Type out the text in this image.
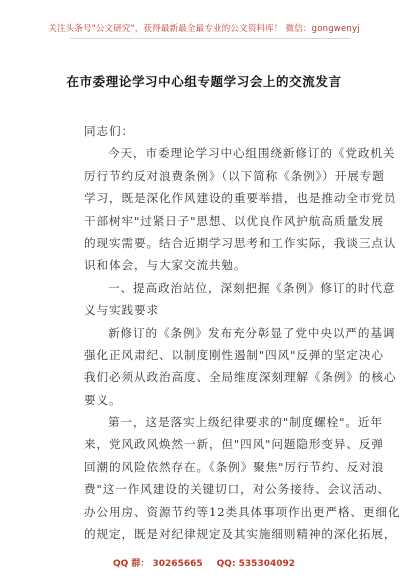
关注头条号"公文研究"，获得最新最全最专业的公文资料库！ 微信：gongwenyj
在市委理论学习中心组专题学习会上的交流发言
同志们：
今天，市委理论学习中心组围绕新修订的《党政机关
厉行节约反对浪费条例》（以下简称《条例》）开展专题
学习，既是深化作风建设的重要举措，也是推动全市党员
干部树牢"过紧日子"思想、以优良作风护航高质量发展
的现实需要。结合近期学习思考和工作实际，我谈三点认
识和体会，与大家交流共勉。
一、提高政治站位，深刻把握《条例》修订的时代意
义与实践要求
新修订的《条例》发布充分彰显了党中央以严的基调
强化正风肃纪、以制度刚性遏制"四风"反弹的坚定决心
我们必须从政治高度、全局维度深刻理解《条例》的核心
要义。
第一，这是落实上级纪律要求的"制度螺栓"。近年
来，党风政风焕然一新，但"四风"问题隐形变异、反弹
回潮的风险依然存在。《条例》聚焦"厉行节约、反对浪
费"这一作风建设的关键切口，对公务接待、会议活动、
办公用房、资源节约等12类具体事项作出更严格、更细化
的规定，既是对纪律规定及其实施细则精神的深化拓展，
QQ 群： 30265665 QQ: 535304092
